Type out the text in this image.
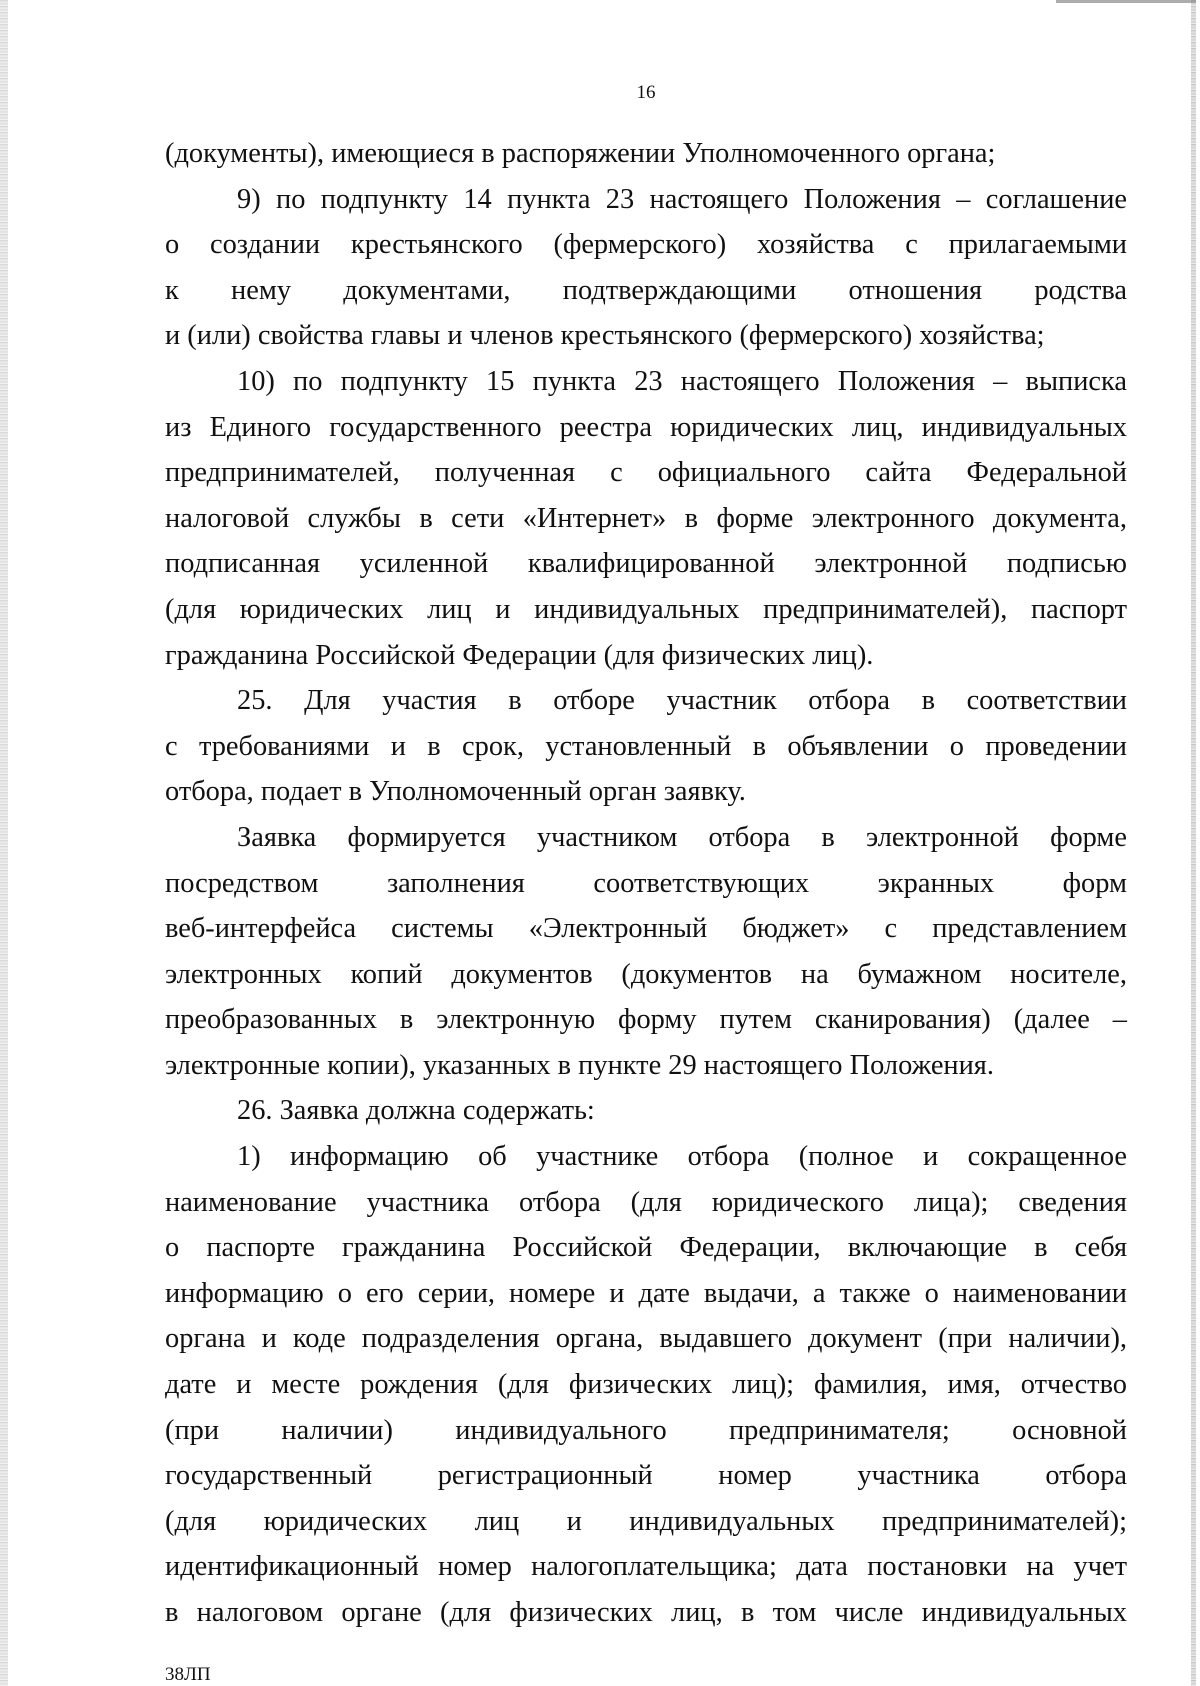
16
(документы), имеющиеся в распоряжении Уполномоченного органа;
9) по подпункту 14 пункта 23 настоящего Положения – соглашение
о создании крестьянского (фермерского) хозяйства с прилагаемыми
к нему документами, подтверждающими отношения родства
и (или) свойства главы и членов крестьянского (фермерского) хозяйства;
10) по подпункту 15 пункта 23 настоящего Положения – выписка
из Единого государственного реестра юридических лиц, индивидуальных
предпринимателей, полученная с официального сайта Федеральной
налоговой службы в сети «Интернет» в форме электронного документа,
подписанная усиленной квалифицированной электронной подписью
(для юридических лиц и индивидуальных предпринимателей), паспорт
гражданина Российской Федерации (для физических лиц).
25. Для участия в отборе участник отбора в соответствии
с требованиями и в срок, установленный в объявлении о проведении
отбора, подает в Уполномоченный орган заявку.
Заявка формируется участником отбора в электронной форме
посредством заполнения соответствующих экранных форм
веб-интерфейса системы «Электронный бюджет» с представлением
электронных копий документов (документов на бумажном носителе,
преобразованных в электронную форму путем сканирования) (далее –
электронные копии), указанных в пункте 29 настоящего Положения.
26. Заявка должна содержать:
1) информацию об участнике отбора (полное и сокращенное
наименование участника отбора (для юридического лица); сведения
о паспорте гражданина Российской Федерации, включающие в себя
информацию о его серии, номере и дате выдачи, а также о наименовании
органа и коде подразделения органа, выдавшего документ (при наличии),
дате и месте рождения (для физических лиц); фамилия, имя, отчество
(при наличии) индивидуального предпринимателя; основной
государственный регистрационный номер участника отбора
(для юридических лиц и индивидуальных предпринимателей);
идентификационный номер налогоплательщика; дата постановки на учет
в налоговом органе (для физических лиц, в том числе индивидуальных
38ЛП
